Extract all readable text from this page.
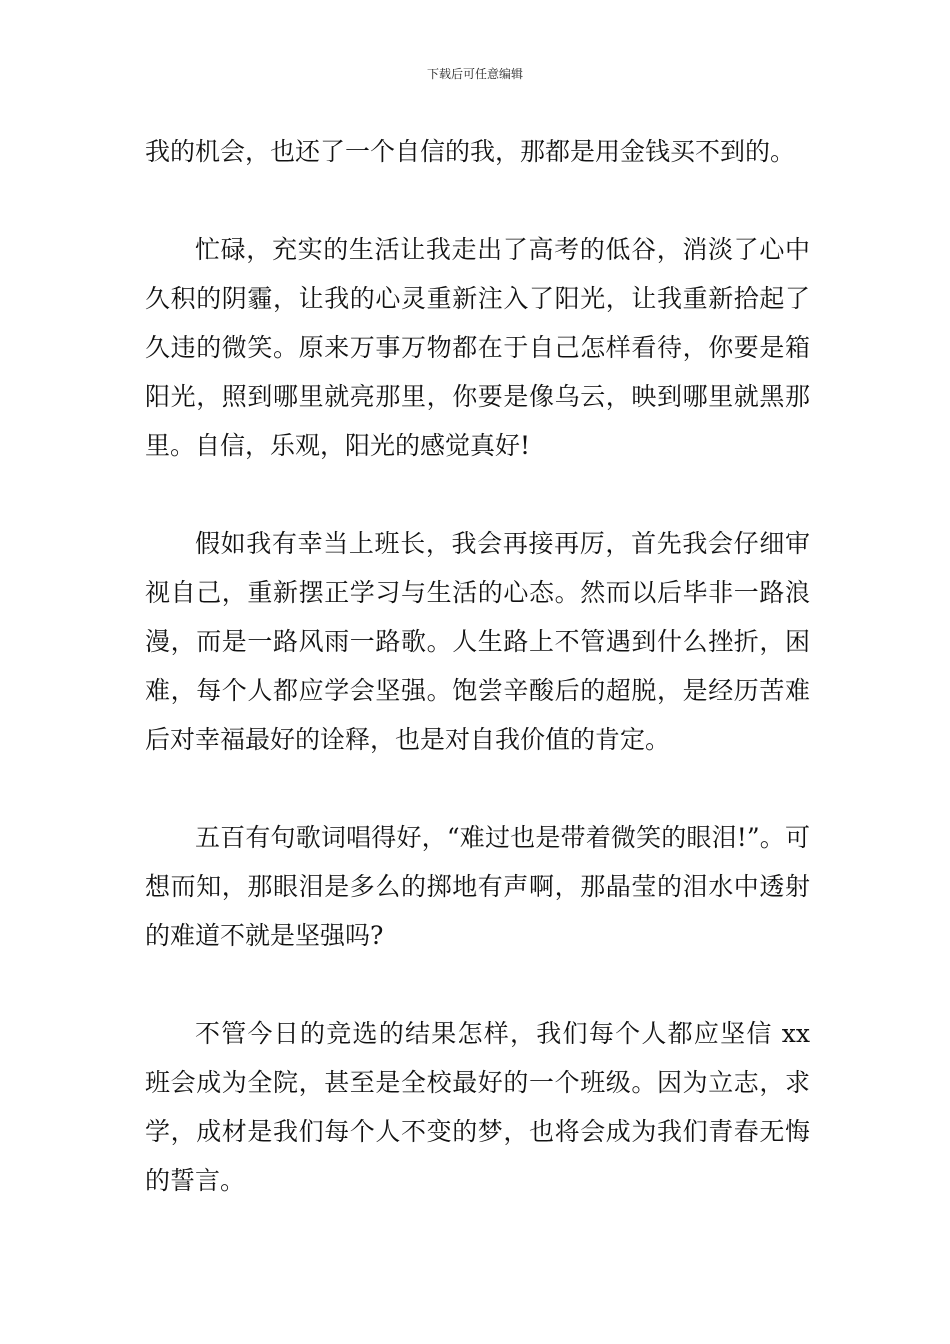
下载后可任意编辑

我的机会，也还了一个自信的我，那都是用金钱买不到的。

忙碌，充实的生活让我走出了高考的低谷，消淡了心中久积的阴霾，让我的心灵重新注入了阳光，让我重新拾起了久违的微笑。原来万事万物都在于自己怎样看待，你要是箱阳光，照到哪里就亮那里，你要是像乌云，映到哪里就黑那里。自信，乐观，阳光的感觉真好!

假如我有幸当上班长，我会再接再厉，首先我会仔细审视自己，重新摆正学习与生活的心态。然而以后毕非一路浪漫，而是一路风雨一路歌。人生路上不管遇到什么挫折，困难，每个人都应学会坚强。饱尝辛酸后的超脱，是经历苦难后对幸福最好的诠释，也是对自我价值的肯定。

五百有句歌词唱得好，“难过也是带着微笑的眼泪!”。可想而知，那眼泪是多么的掷地有声啊，那晶莹的泪水中透射的难道不就是坚强吗?

不管今日的竞选的结果怎样，我们每个人都应坚信 xx 班会成为全院，甚至是全校最好的一个班级。因为立志，求学，成材是我们每个人不变的梦，也将会成为我们青春无悔的誓言。
